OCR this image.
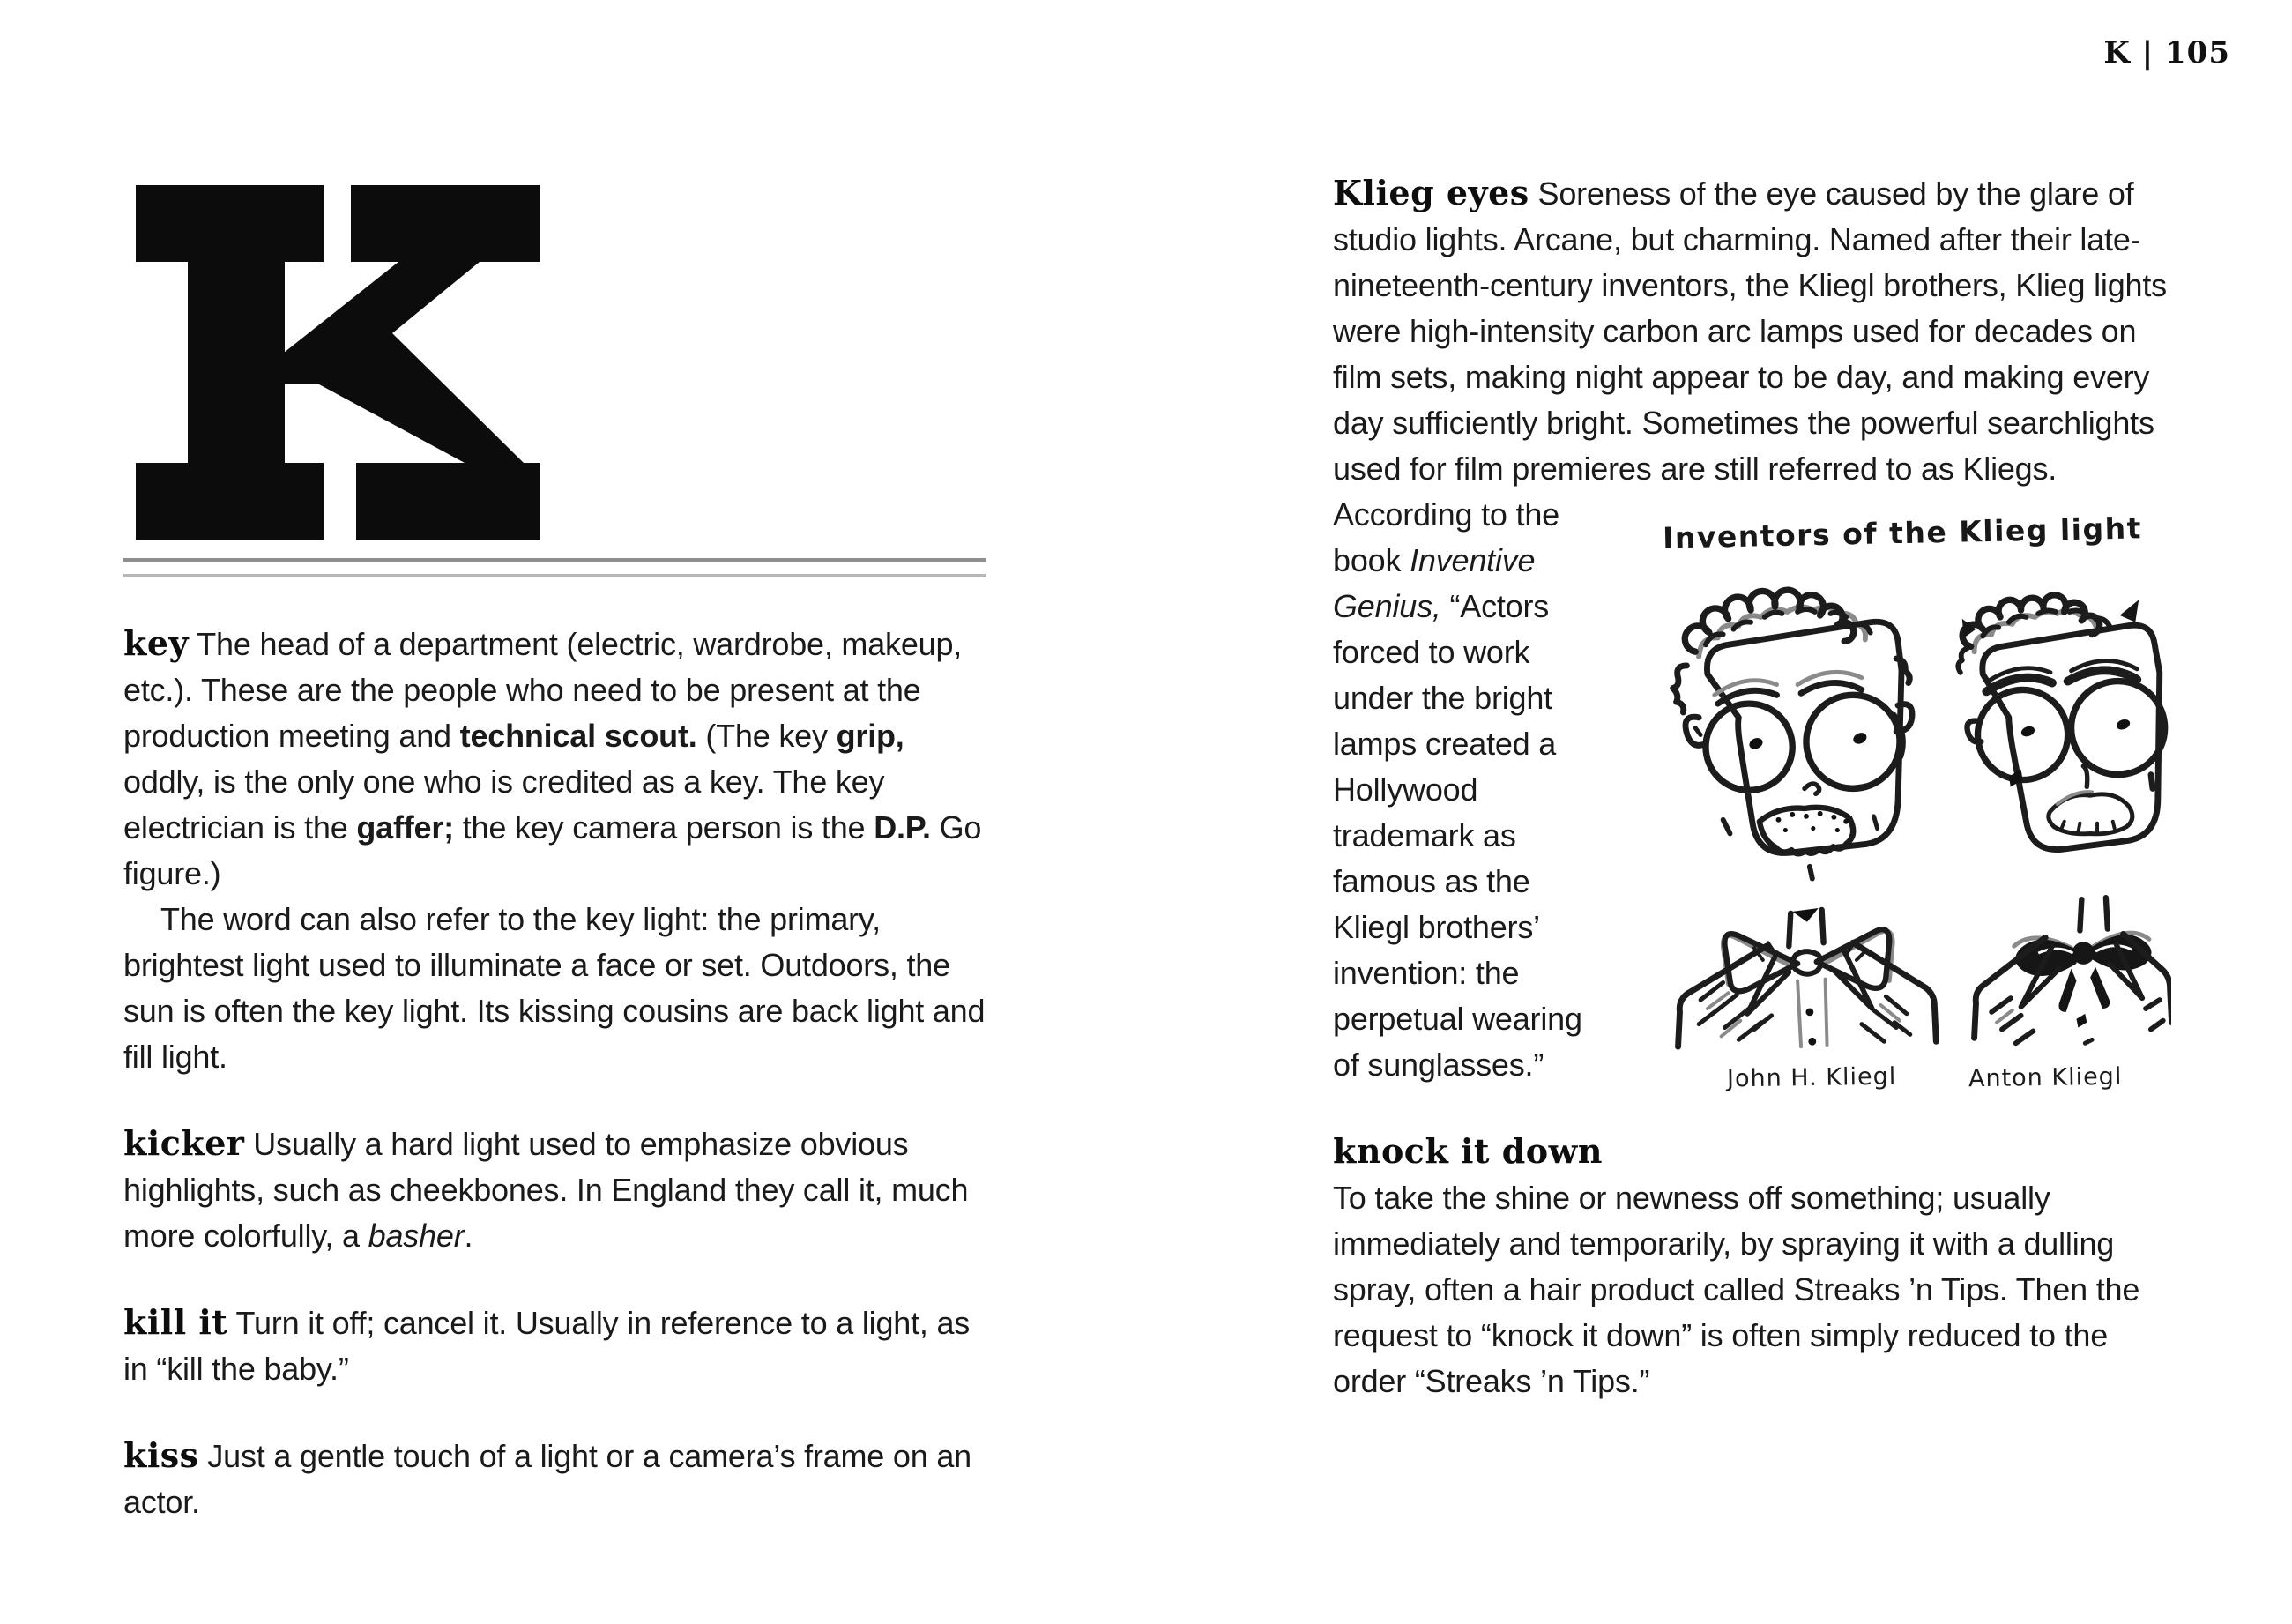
K | 105

key The head of a department (electric, wardrobe, makeup, etc.). These are the people who need to be present at the production meeting and technical scout. (The key grip, oddly, is the only one who is credited as a key. The key electrician is the gaffer; the key camera person is the D.P. Go figure.)

The word can also refer to the key light: the primary, brightest light used to illuminate a face or set. Outdoors, the sun is often the key light. Its kissing cousins are back light and fill light.

kicker Usually a hard light used to emphasize obvious highlights, such as cheekbones. In England they call it, much more colorfully, a basher.

kill it Turn it off; cancel it. Usually in reference to a light, as in “kill the baby.”

kiss Just a gentle touch of a light or a camera’s frame on an actor.

Inventors of the Klieg light
John H. Kliegl	Anton Kliegl

Klieg eyes Soreness of the eye caused by the glare of studio lights. Arcane, but charming. Named after their late-nineteenth-century inventors, the Kliegl brothers, Klieg lights were high-intensity carbon arc lamps used for decades on film sets, making night appear to be day, and making every day sufficiently bright. Sometimes the powerful searchlights used for film premieres are still referred to as Kliegs. According to the book Inventive Genius, “Actors forced to work under the bright lamps created a Hollywood trademark as famous as the Kliegl brothers’ invention: the perpetual wearing of sunglasses.”

knock it down To take the shine or newness off something; usually immediately and temporarily, by spraying it with a dulling spray, often a hair product called Streaks ’n Tips. Then the request to “knock it down” is often simply reduced to the order “Streaks ’n Tips.”
